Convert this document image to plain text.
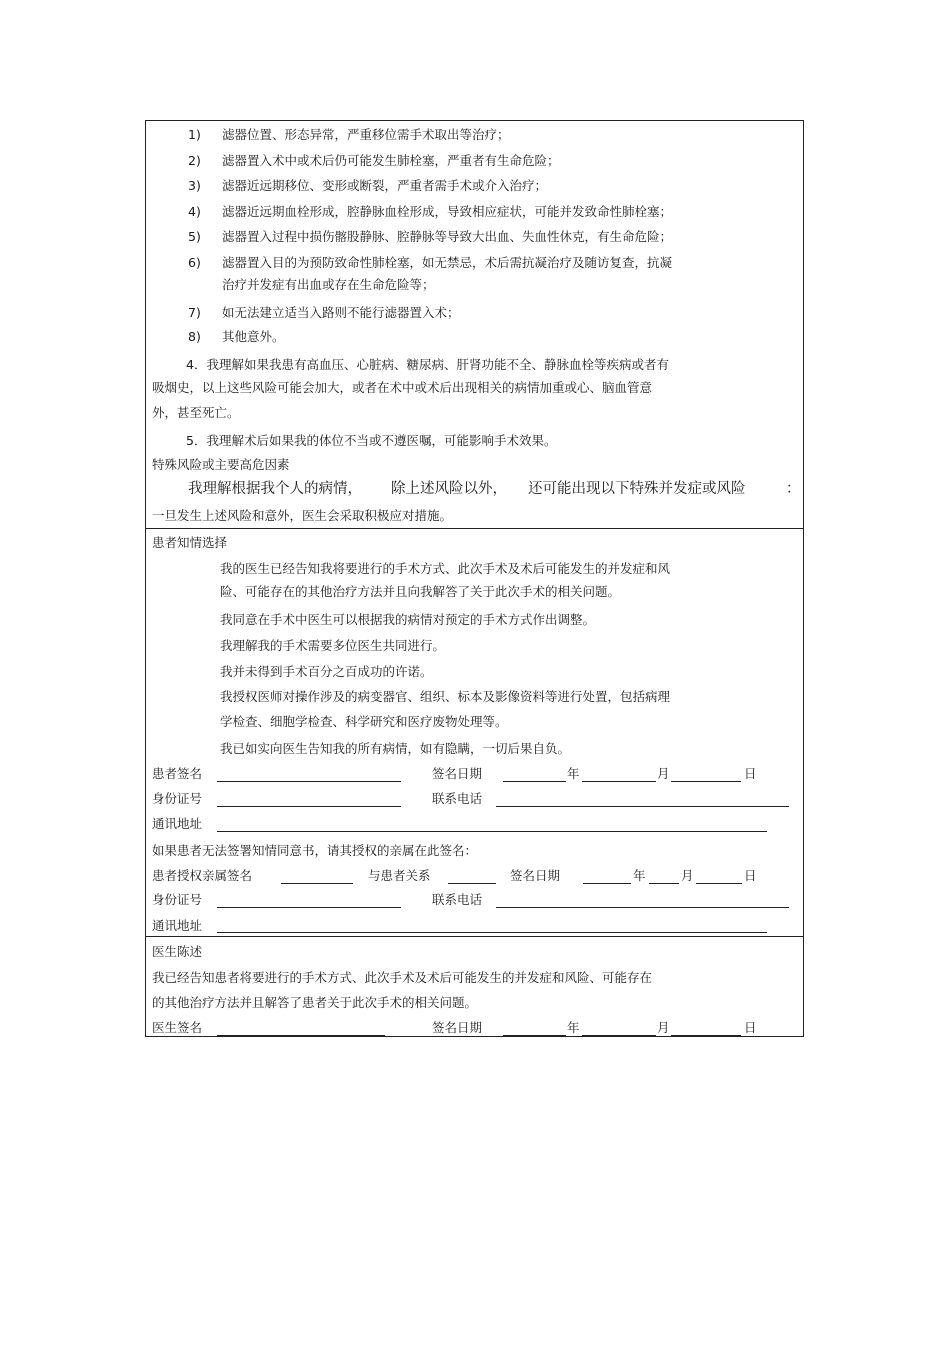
1) 滤器位置、形态异常，严重移位需手术取出等治疗；
2) 滤器置入术中或术后仍可能发生肺栓塞，严重者有生命危险；
3) 滤器近远期移位、变形或断裂，严重者需手术或介入治疗；
4) 滤器近远期血栓形成，腔静脉血栓形成，导致相应症状，可能并发致命性肺栓塞；
5) 滤器置入过程中损伤髂股静脉、腔静脉等导致大出血、失血性休克，有生命危险；
6) 滤器置入目的为预防致命性肺栓塞，如无禁忌，术后需抗凝治疗及随访复查，抗凝
治疗并发症有出血或存在生命危险等；
7) 如无法建立适当入路则不能行滤器置入术；
8) 其他意外。
4．我理解如果我患有高血压、心脏病、糖尿病、肝肾功能不全、静脉血栓等疾病或者有
吸烟史，以上这些风险可能会加大，或者在术中或术后出现相关的病情加重或心、脑血管意
外，甚至死亡。
5．我理解术后如果我的体位不当或不遵医嘱，可能影响手术效果。
特殊风险或主要高危因素
我理解根据我个人的病情， 除上述风险以外， 还可能出现以下特殊并发症或风险	：
一旦发生上述风险和意外，医生会采取积极应对措施。
患者知情选择
我的医生已经告知我将要进行的手术方式、此次手术及术后可能发生的并发症和风
险、可能存在的其他治疗方法并且向我解答了关于此次手术的相关问题。
我同意在手术中医生可以根据我的病情对预定的手术方式作出调整。
我理解我的手术需要多位医生共同进行。
我并未得到手术百分之百成功的许诺。
我授权医师对操作涉及的病变器官、组织、标本及影像资料等进行处置，包括病理
学检查、细胞学检查、科学研究和医疗废物处理等。
我已如实向医生告知我的所有病情，如有隐瞒，一切后果自负。
患者签名	签名日期	年	月	日
身份证号	联系电话
通讯地址
如果患者无法签署知情同意书，请其授权的亲属在此签名：
患者授权亲属签名	与患者关系	签名日期	年	月	日
身份证号	联系电话
通讯地址
医生陈述
我已经告知患者将要进行的手术方式、此次手术及术后可能发生的并发症和风险、可能存在
的其他治疗方法并且解答了患者关于此次手术的相关问题。
医生签名	签名日期	年	月	日
